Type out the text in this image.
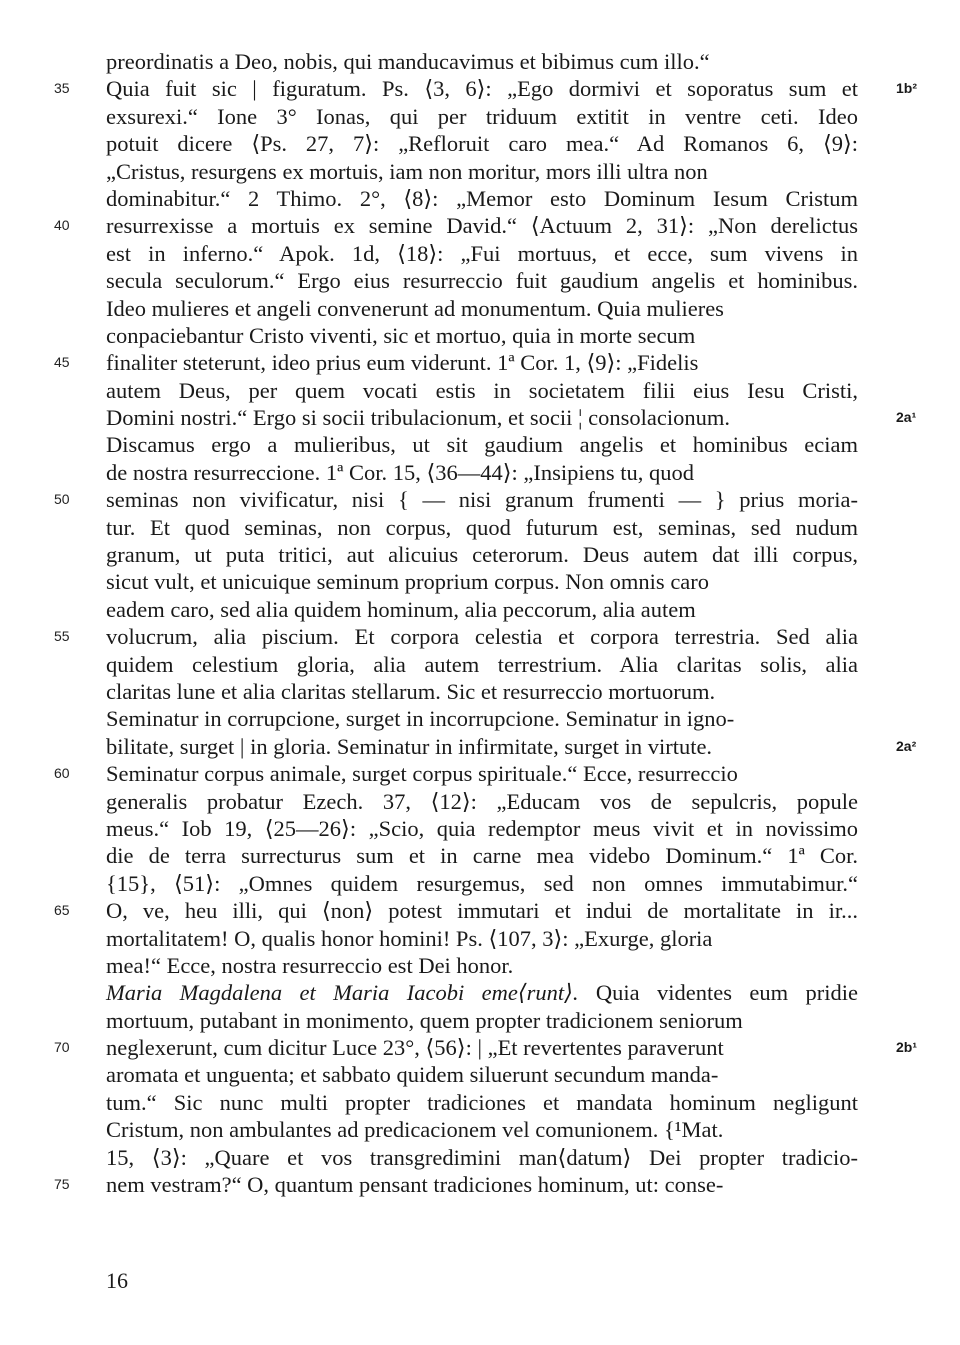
preordinatis a Deo, nobis, qui manducavimus et bibimus cum illo.“
35	Quia fuit sic | figuratum. Ps. ⟨3, 6⟩: „Ego dormivi et soporatus sum et	1b²
exsurexi.“ Ione 3° Ionas, qui per triduum extitit in ventre ceti. Ideo
potuit dicere ⟨Ps. 27, 7⟩: „Refloruit caro mea.“ Ad Romanos 6, ⟨9⟩:
„Cristus, resurgens ex mortuis, iam non moritur, mors illi ultra non
dominabitur.“ 2 Thimo. 2°, ⟨8⟩: „Memor esto Dominum Iesum Cristum
40	resurrexisse a mortuis ex semine David.“ ⟨Actuum 2, 31⟩: „Non derelictus
est in inferno.“ Apok. 1d, ⟨18⟩: „Fui mortuus, et ecce, sum vivens in
secula seculorum.“ Ergo eius resurreccio fuit gaudium angelis et hominibus.
Ideo mulieres et angeli convenerunt ad monumentum. Quia mulieres
conpaciebantur Cristo viventi, sic et mortuo, quia in morte secum
45	finaliter steterunt, ideo prius eum viderunt. 1ª Cor. 1, ⟨9⟩: „Fidelis
autem Deus, per quem vocati estis in societatem filii eius Iesu Cristi,
Domini nostri.“ Ergo si socii tribulacionum, et socii ¦ consolacionum.	2a¹
Discamus ergo a mulieribus, ut sit gaudium angelis et hominibus eciam
de nostra resurreccione. 1ª Cor. 15, ⟨36—44⟩: „Insipiens tu, quod
50	seminas non vivificatur, nisi { — nisi granum frumenti — } prius moria-
tur. Et quod seminas, non corpus, quod futurum est, seminas, sed nudum
granum, ut puta tritici, aut alicuius ceterorum. Deus autem dat illi corpus,
sicut vult, et unicuique seminum proprium corpus. Non omnis caro
eadem caro, sed alia quidem hominum, alia peccorum, alia autem
55	volucrum, alia piscium. Et corpora celestia et corpora terrestria. Sed alia
quidem celestium gloria, alia autem terrestrium. Alia claritas solis, alia
claritas lune et alia claritas stellarum. Sic et resurreccio mortuorum.
Seminatur in corrupcione, surget in incorrupcione. Seminatur in igno-
bilitate, surget | in gloria. Seminatur in infirmitate, surget in virtute.	2a²
60	Seminatur corpus animale, surget corpus spirituale.“ Ecce, resurreccio
generalis probatur Ezech. 37, ⟨12⟩: „Educam vos de sepulcris, popule
meus.“ Iob 19, ⟨25—26⟩: „Scio, quia redemptor meus vivit et in novissimo
die de terra surrecturus sum et in carne mea videbo Dominum.“ 1ª Cor.
{15}, ⟨51⟩: „Omnes quidem resurgemus, sed non omnes immutabimur.“
65	O, ve, heu illi, qui ⟨non⟩ potest immutari et indui de mortalitate in ir...
mortalitatem! O, qualis honor homini! Ps. ⟨107, 3⟩: „Exurge, gloria
mea!“ Ecce, nostra resurreccio est Dei honor.
Maria Magdalena et Maria Iacobi eme⟨runt⟩. Quia videntes eum pridie
mortuum, putabant in monimento, quem propter tradicionem seniorum
70	neglexerunt, cum dicitur Luce 23°, ⟨56⟩: | „Et revertentes paraverunt	2b¹
aromata et unguenta; et sabbato quidem siluerunt secundum manda-
tum.“ Sic nunc multi propter tradiciones et mandata hominum negligunt
Cristum, non ambulantes ad predicacionem vel comunionem. {¹Mat.
15, ⟨3⟩: „Quare et vos transgredimini man⟨datum⟩ Dei propter tradicio-
75	nem vestram?“ O, quantum pensant tradiciones hominum, ut: conse-
16
